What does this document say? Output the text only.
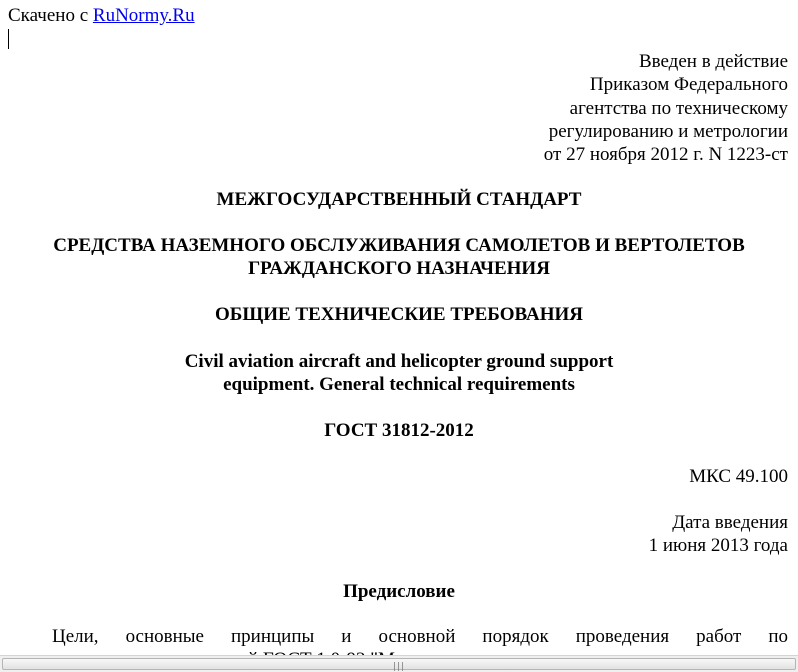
Скачено с RuNormy.Ru
Введен в действие
Приказом Федерального
агентства по техническому
регулированию и метрологии
от 27 ноября 2012 г. N 1223-ст
МЕЖГОСУДАРСТВЕННЫЙ СТАНДАРТ
СРЕДСТВА НАЗЕМНОГО ОБСЛУЖИВАНИЯ САМОЛЕТОВ И ВЕРТОЛЕТОВ
ГРАЖДАНСКОГО НАЗНАЧЕНИЯ
ОБЩИЕ ТЕХНИЧЕСКИЕ ТРЕБОВАНИЯ
Civil aviation aircraft and helicopter ground support
equipment. General technical requirements
ГОСТ 31812-2012
МКС 49.100
Дата введения
1 июня 2013 года
Предисловие
Цели, основные принципы и основной порядок проведения работ по
|||
